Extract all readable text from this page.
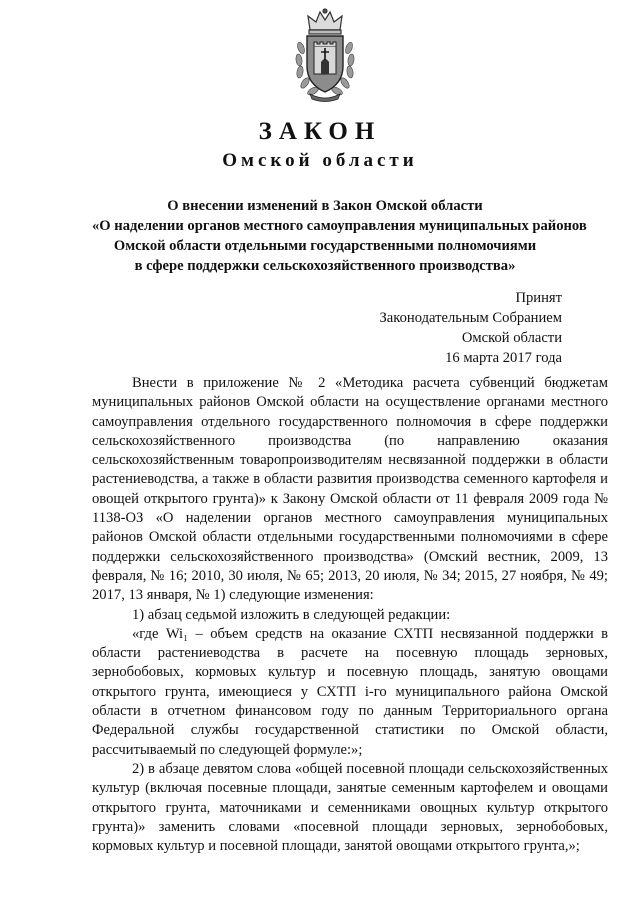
ЗАКОН
Омской области
О внесении изменений в Закон Омской области
«О наделении органов местного самоуправления муниципальных районов
Омской области отдельными государственными полномочиями
в сфере поддержки сельскохозяйственного производства»
Принят
Законодательным Собранием
Омской области
16 марта 2017 года

Внести в приложение № 2 «Методика расчета субвенций бюджетам муниципальных районов Омской области на осуществление органами местного самоуправления отдельного государственного полномочия в сфере поддержки сельскохозяйственного производства (по направлению оказания сельскохозяйственным товаропроизводителям несвязанной поддержки в области растениеводства, а также в области развития производства семенного картофеля и овощей открытого грунта)» к Закону Омской области от 11 февраля 2009 года № 1138-ОЗ «О наделении органов местного самоуправления муниципальных районов Омской области отдельными государственными полномочиями в сфере поддержки сельскохозяйственного производства» (Омский вестник, 2009, 13 февраля, № 16; 2010, 30 июля, № 65; 2013, 20 июля, № 34; 2015, 27 ноября, № 49; 2017, 13 января, № 1) следующие изменения:

1) абзац седьмой изложить в следующей редакции:

«где Wi₁ – объем средств на оказание СХТП несвязанной поддержки в области растениеводства в расчете на посевную площадь зерновых, зернобобовых, кормовых культур и посевную площадь, занятую овощами открытого грунта, имеющиеся у СХТП i-го муниципального района Омской области в отчетном финансовом году по данным Территориального органа Федеральной службы государственной статистики по Омской области, рассчитываемый по следующей формуле:»;

2) в абзаце девятом слова «общей посевной площади сельскохозяйственных культур (включая посевные площади, занятые семенным картофелем и овощами открытого грунта, маточниками и семенниками овощных культур открытого грунта)» заменить словами «посевной площади зерновых, зернобобовых, кормовых культур и посевной площади, занятой овощами открытого грунта,»;
